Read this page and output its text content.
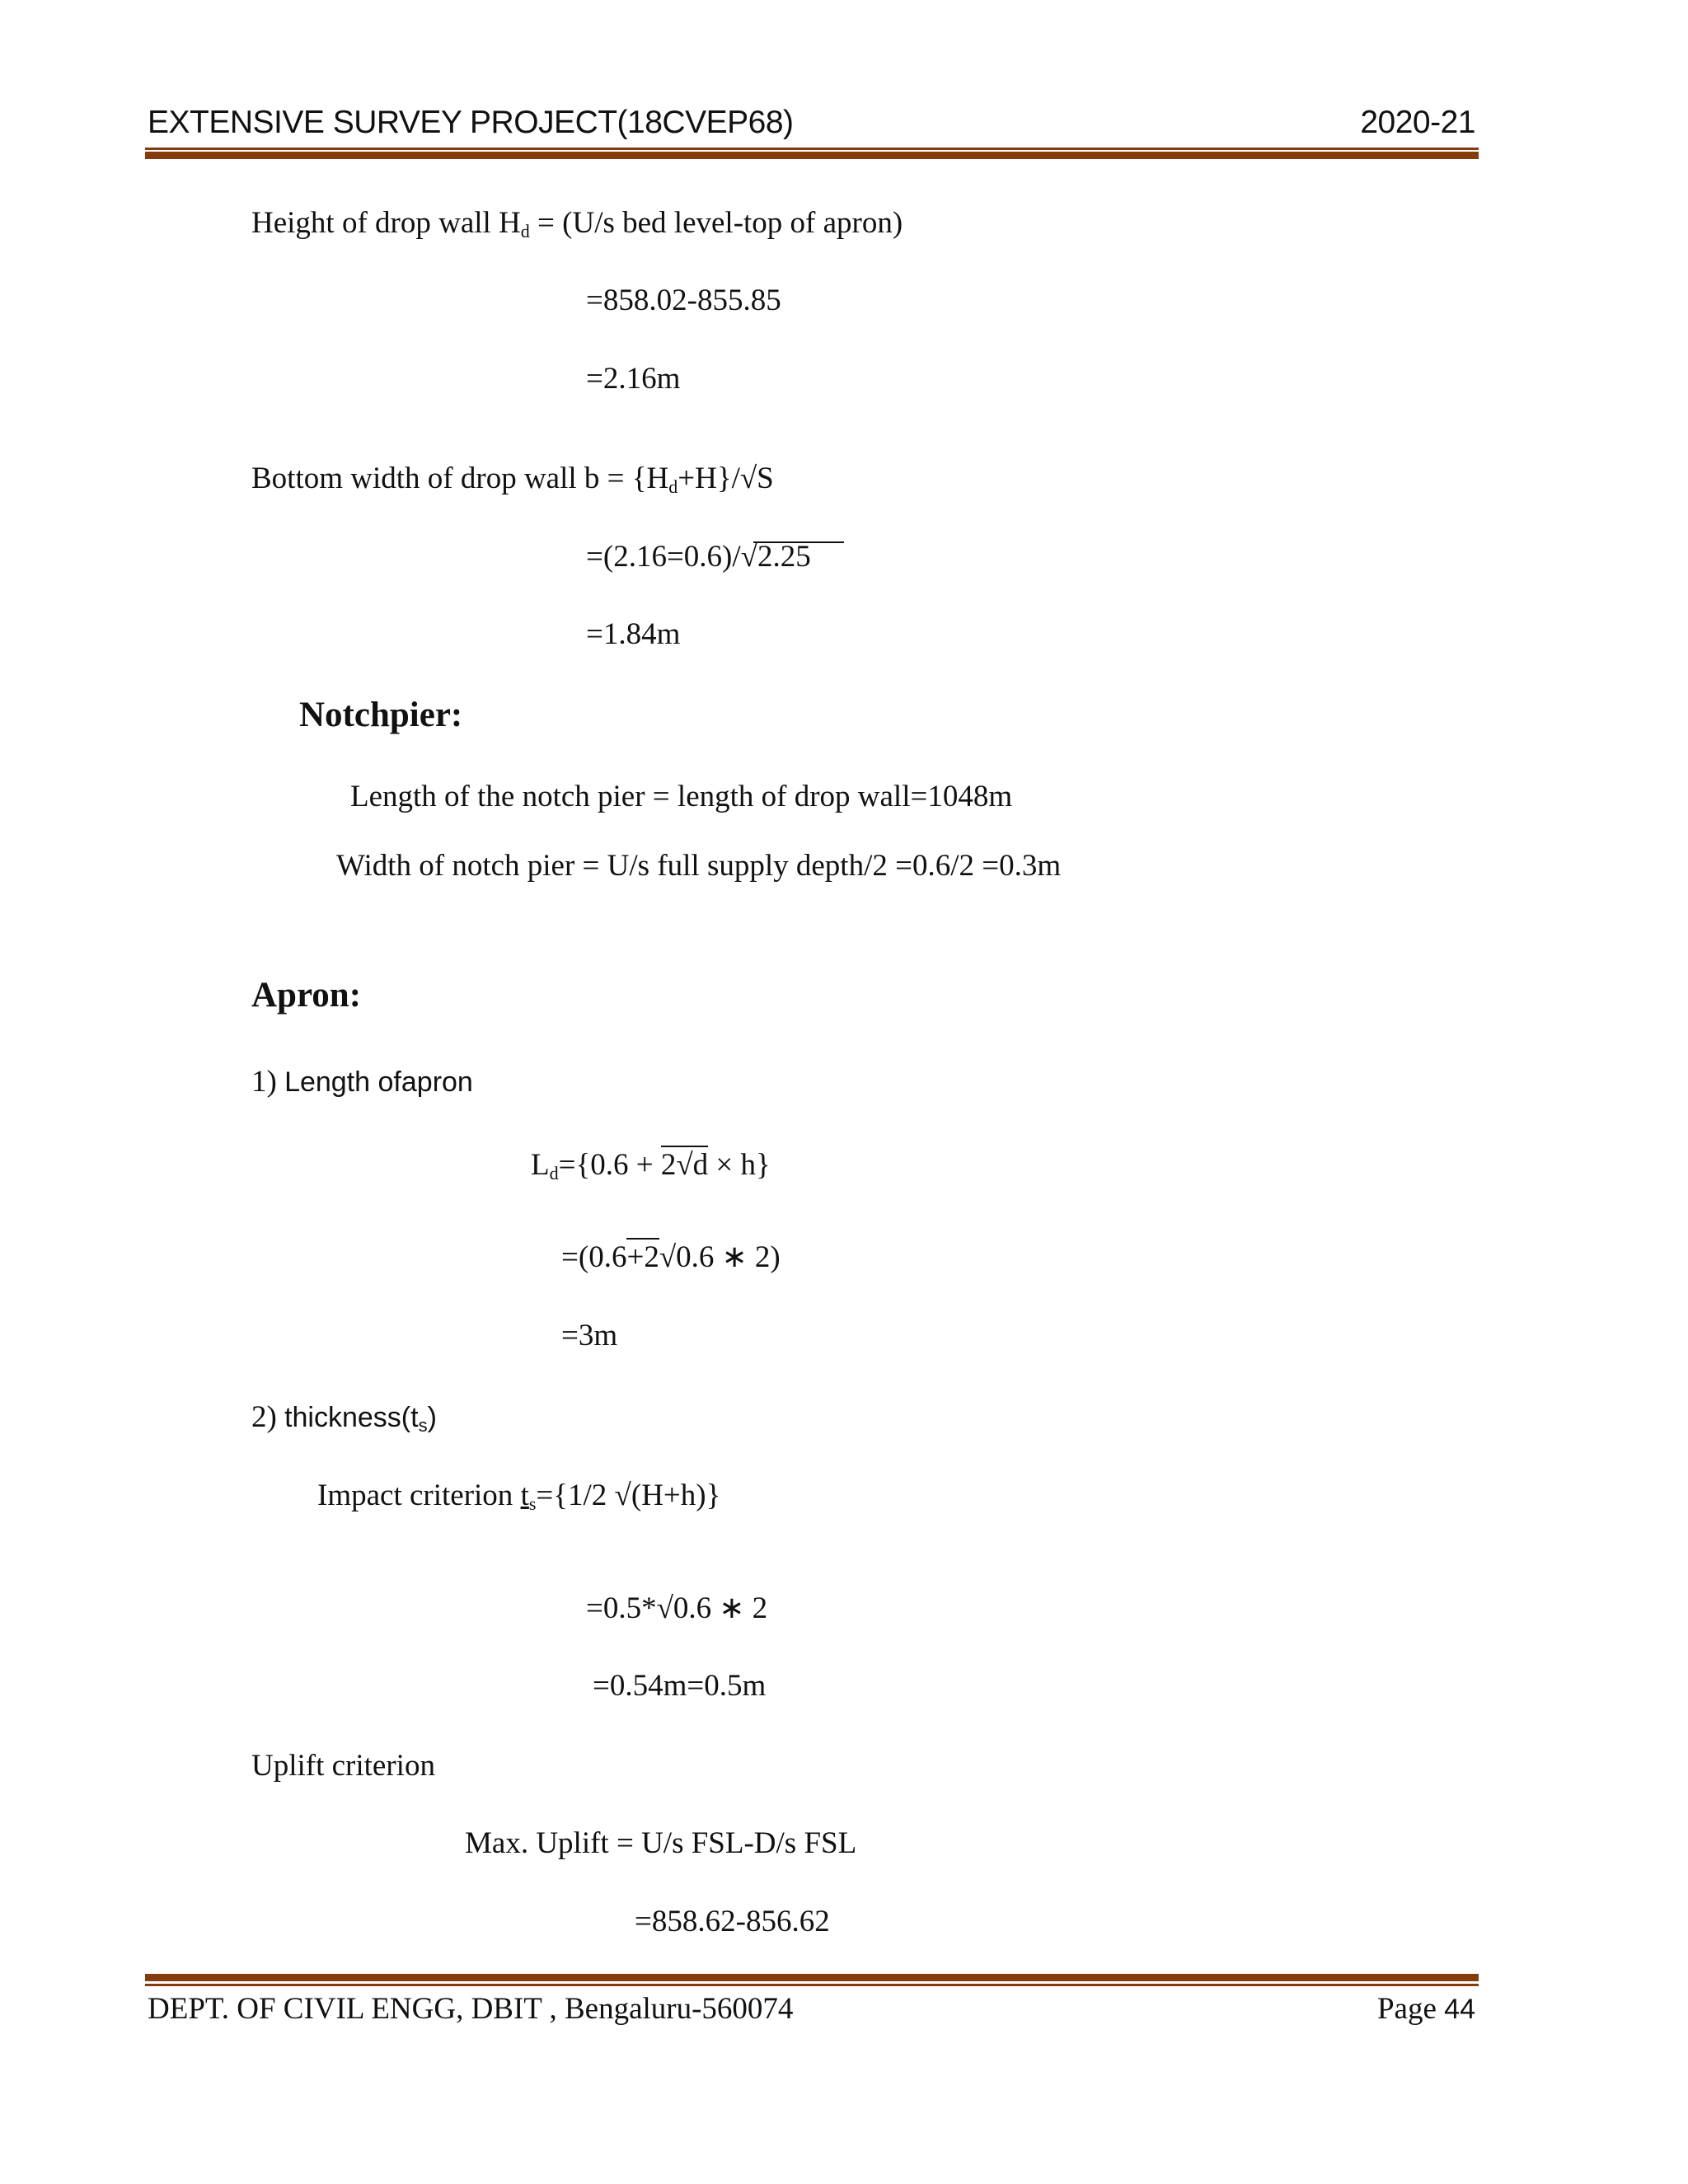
EXTENSIVE SURVEY PROJECT(18CVEP68)	2020-21
Height of drop wall $H_d = (U/s$ bed level-top of apron)
=858.02-855.85
=2.16m
Bottom width of drop wall $b = \{H_d+H\}/√S$
=(2.16=0.6)/√2.25
=1.84m
Notchpier:
Length of the notch pier = length of drop wall=1048m
Width of notch pier = U/s full supply depth/2 =0.6/2 =0.3m
Apron:
1) Length ofapron
$L_d=\{0.6 + 2√d \times h\}$
=(0.6+2√0.6 ∗ 2)
=3m
2) $thickness(t_s)$
Impact criterion $t_s=\{1/2$ √(H+h)}
=0.5*√0.6 ∗ 2
=0.54m=0.5m
Uplift criterion
Max. Uplift = U/s FSL-D/s FSL
=858.62-856.62
DEPT. OF CIVIL ENGG, DBIT , Bengaluru-560074	Page 44
